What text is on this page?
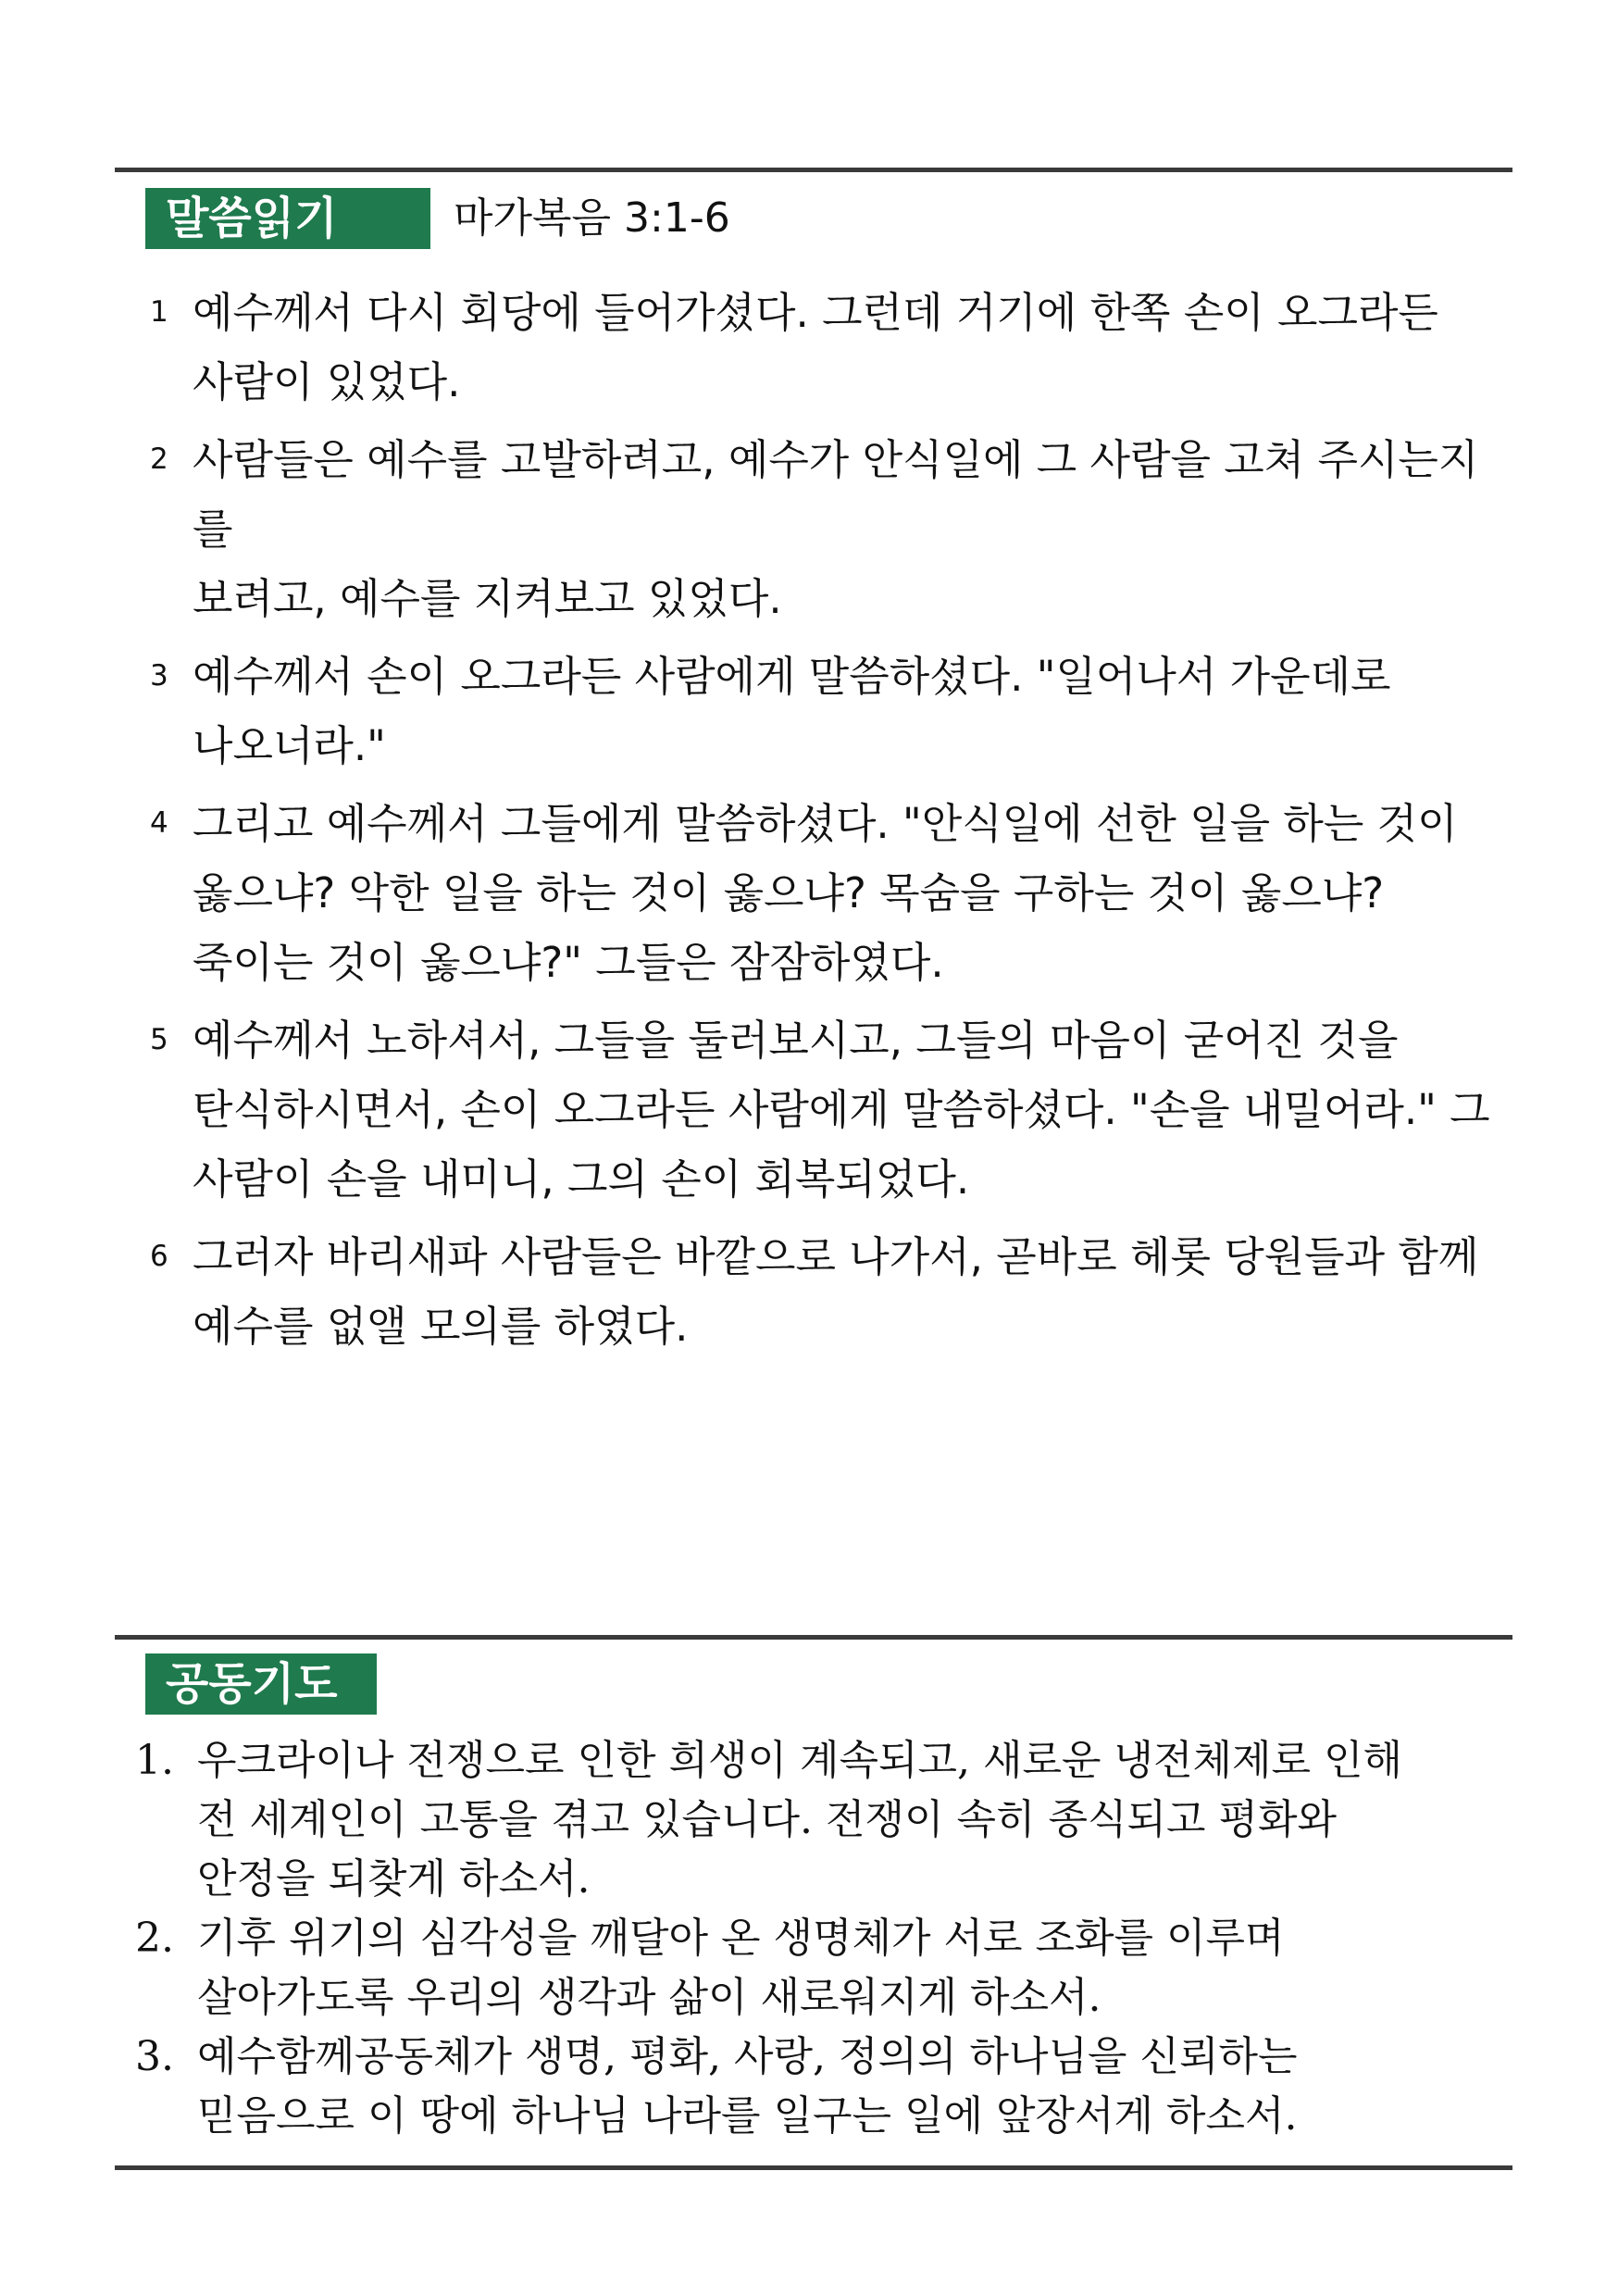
말씀읽기	마가복음 3:1-6
1 예수께서 다시 회당에 들어가셨다. 그런데 거기에 한쪽 손이 오그라든
사람이 있었다.
2 사람들은 예수를 고발하려고, 예수가 안식일에 그 사람을 고쳐 주시는지를
보려고, 예수를 지켜보고 있었다.
3 예수께서 손이 오그라든 사람에게 말씀하셨다. "일어나서 가운데로
나오너라."
4 그리고 예수께서 그들에게 말씀하셨다. "안식일에 선한 일을 하는 것이
옳으냐? 악한 일을 하는 것이 옳으냐? 목숨을 구하는 것이 옳으냐?
죽이는 것이 옳으냐?" 그들은 잠잠하였다.
5 예수께서 노하셔서, 그들을 둘러보시고, 그들의 마음이 굳어진 것을
탄식하시면서, 손이 오그라든 사람에게 말씀하셨다. "손을 내밀어라." 그
사람이 손을 내미니, 그의 손이 회복되었다.
6 그러자 바리새파 사람들은 바깥으로 나가서, 곧바로 헤롯 당원들과 함께
예수를 없앨 모의를 하였다.
공동기도
1. 우크라이나 전쟁으로 인한 희생이 계속되고, 새로운 냉전체제로 인해
전 세계인이 고통을 겪고 있습니다. 전쟁이 속히 종식되고 평화와
안정을 되찾게 하소서.
2. 기후 위기의 심각성을 깨달아 온 생명체가 서로 조화를 이루며
살아가도록 우리의 생각과 삶이 새로워지게 하소서.
3. 예수함께공동체가 생명, 평화, 사랑, 정의의 하나님을 신뢰하는
믿음으로 이 땅에 하나님 나라를 일구는 일에 앞장서게 하소서.
